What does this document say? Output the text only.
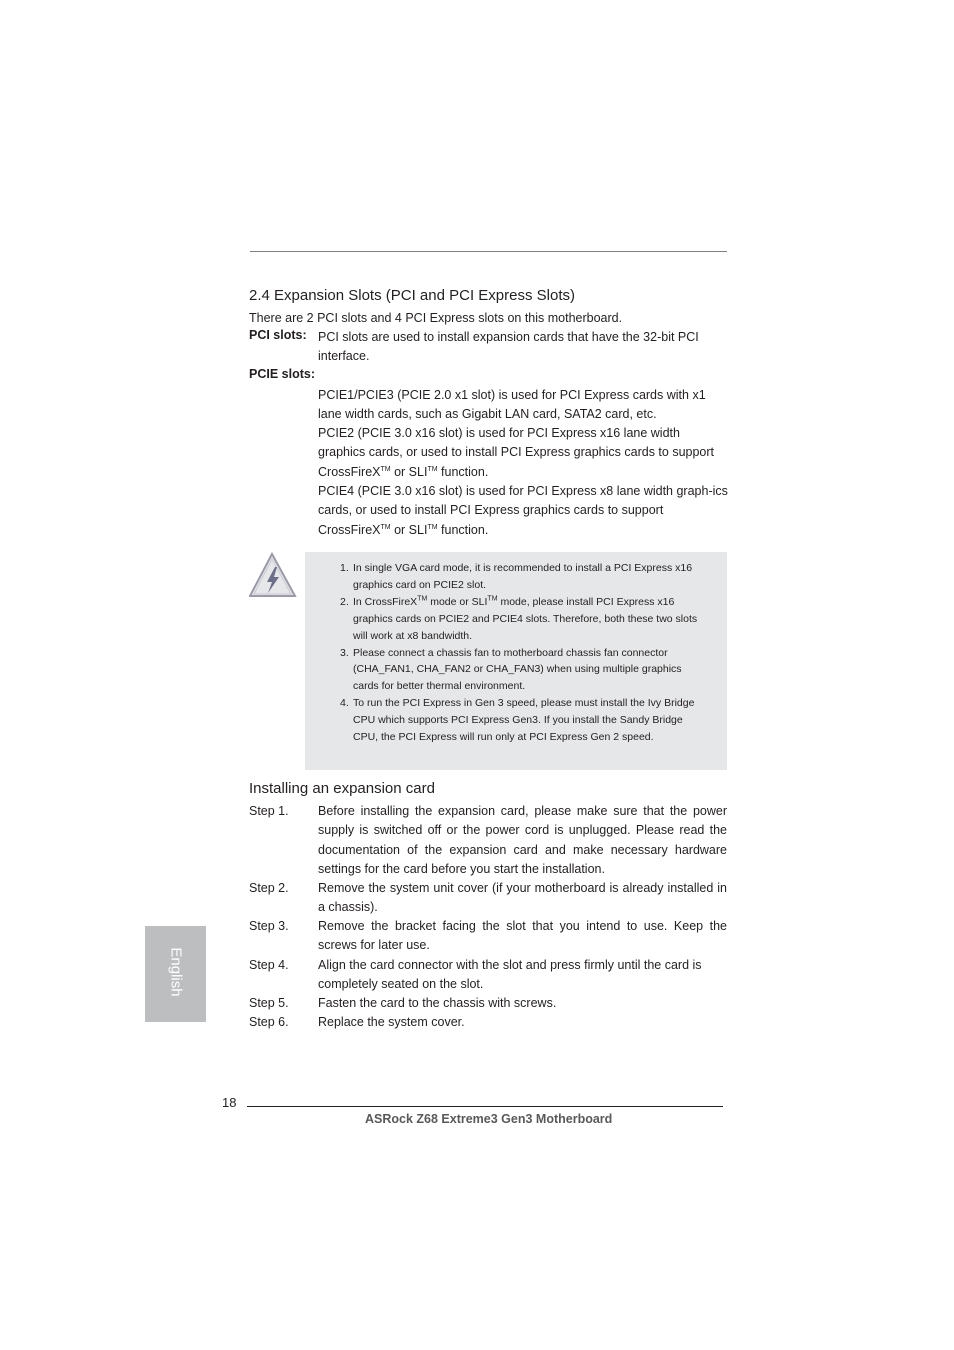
2.4 Expansion Slots (PCI and PCI Express Slots)

There are 2 PCI slots and 4 PCI Express slots on this motherboard.

PCI slots: PCI slots are used to install expansion cards that have the 32-bit PCI interface.

PCIE slots:

PCIE1/PCIE3 (PCIE 2.0 x1 slot) is used for PCI Express cards with x1 lane width cards, such as Gigabit LAN card, SATA2 card, etc.

PCIE2 (PCIE 3.0 x16 slot) is used for PCI Express x16 lane width graphics cards, or used to install PCI Express graphics cards to support CrossFireX™ or SLI™ function.

PCIE4 (PCIE 3.0 x16 slot) is used for PCI Express x8 lane width graph-ics cards, or used to install PCI Express graphics cards to support CrossFireX™ or SLI™ function.

1. In single VGA card mode, it is recommended to install a PCI Express x16 graphics card on PCIE2 slot.
2. In CrossFireX™ mode or SLI™ mode, please install PCI Express x16 graphics cards on PCIE2 and PCIE4 slots. Therefore, both these two slots will work at x8 bandwidth.
3. Please connect a chassis fan to motherboard chassis fan connector (CHA_FAN1, CHA_FAN2 or CHA_FAN3) when using multiple graphics cards for better thermal environment.
4. To run the PCI Express in Gen 3 speed, please must install the Ivy Bridge CPU which supports PCI Express Gen3. If you install the Sandy Bridge CPU, the PCI Express will run only at PCI Express Gen 2 speed.
Installing an expansion card
Step 1. Before installing the expansion card, please make sure that the power supply is switched off or the power cord is unplugged. Please read the documentation of the expansion card and make necessary hardware settings for the card before you start the installation.
Step 2. Remove the system unit cover (if your motherboard is already installed in a chassis).
Step 3. Remove the bracket facing the slot that you intend to use. Keep the screws for later use.
Step 4. Align the card connector with the slot and press firmly until the card is completely seated on the slot.
Step 5. Fasten the card to the chassis with screws.
Step 6. Replace the system cover.
English
18
ASRock Z68 Extreme3 Gen3 Motherboard
